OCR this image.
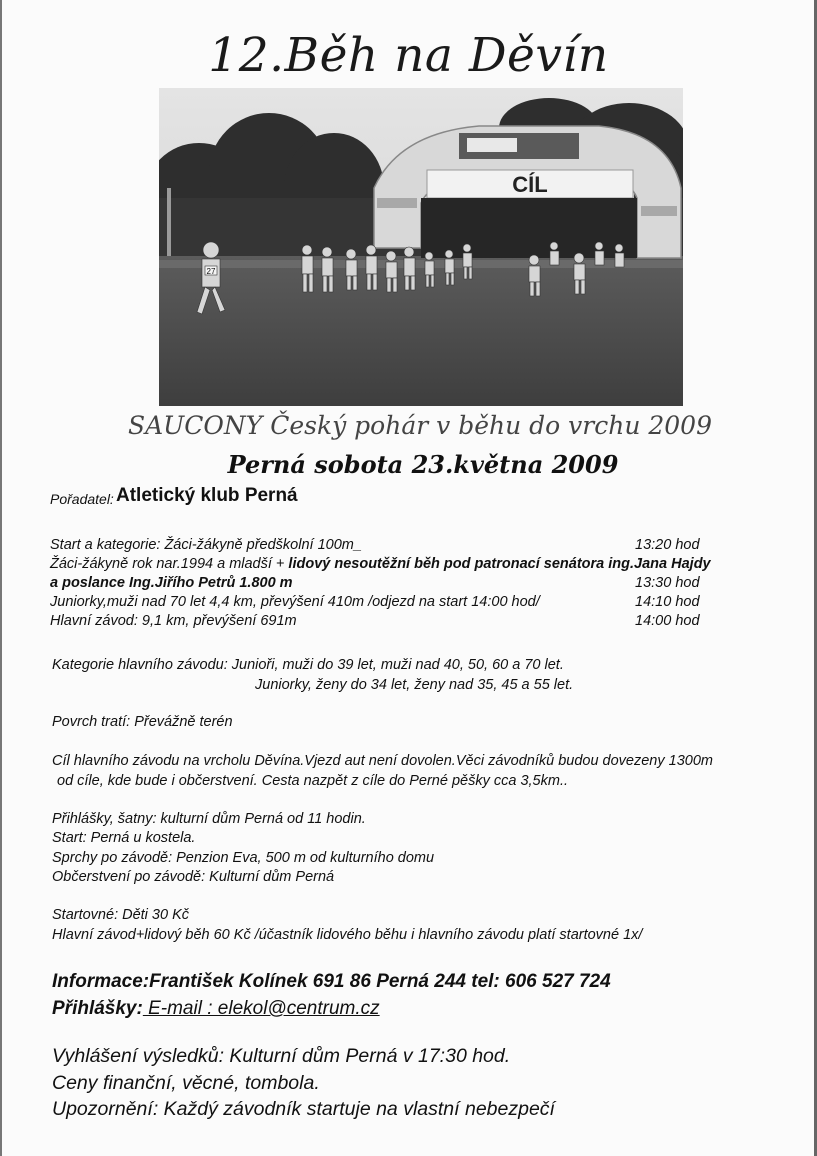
12.Běh na Děvín
CÍL
27
SAUCONY Český pohár v běhu do vrchu 2009
Perná sobota 23.května 2009
Pořadatel: Atletický klub Perná
Start a kategorie: Žáci-žákyně předškolní 100m_	13:20 hod
Žáci-žákyně rok nar.1994 a mladší + lidový nesoutěžní běh pod patronací senátora ing.Jana Hajdy
a poslance Ing.Jiřího Petrů 1.800 m	13:30 hod
Juniorky,muži nad 70 let 4,4 km, převýšení 410m /odjezd na start 14:00 hod/	14:10 hod
Hlavní závod: 9,1 km, převýšení 691m	14:00 hod
Kategorie hlavního závodu: Junioři, muži do 39 let, muži nad 40, 50, 60 a 70 let.
Juniorky, ženy do 34 let, ženy nad 35, 45 a 55 let.
Povrch tratí: Převážně terén
Cíl hlavního závodu na vrcholu Děvína.Vjezd aut není dovolen.Věci závodníků budou dovezeny 1300m
od cíle, kde bude i občerstvení. Cesta nazpět z cíle do Perné pěšky cca 3,5km..
Přihlášky, šatny: kulturní dům Perná od 11 hodin.
Start: Perná u kostela.
Sprchy po závodě: Penzion Eva, 500 m od kulturního domu
Občerstvení po závodě: Kulturní dům Perná
Startovné: Děti 30 Kč
Hlavní závod+lidový běh 60 Kč /účastník lidového běhu i hlavního závodu platí startovné 1x/
Informace:František Kolínek 691 86 Perná 244 tel: 606 527 724
Přihlášky: E-mail : elekol@centrum.cz
Vyhlášení výsledků: Kulturní dům Perná v 17:30 hod.
Ceny finanční, věcné, tombola.
Upozornění: Každý závodník startuje na vlastní nebezpečí
